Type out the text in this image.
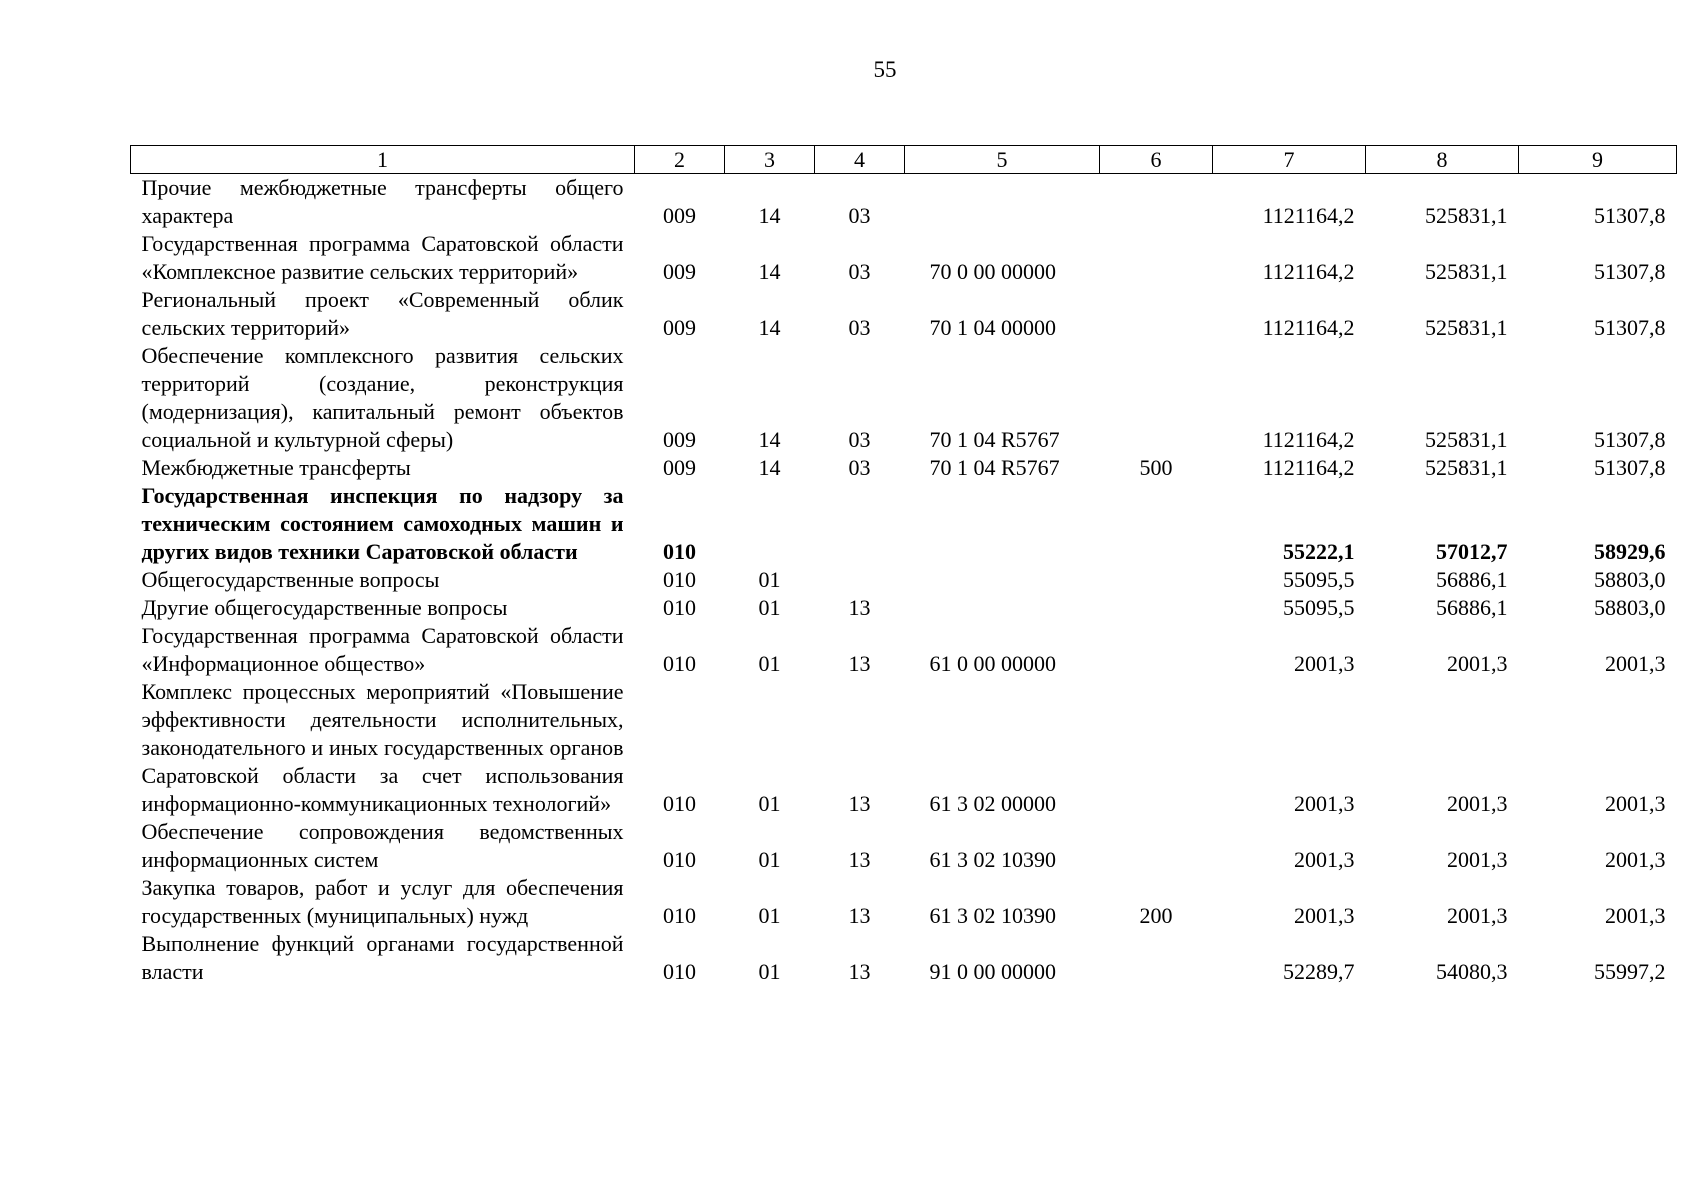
55
1	2	3	4	5	6	7	8	9
Прочие межбюджетные трансферты общего характера	009	14	03			1121164,2	525831,1	51307,8
Государственная программа Саратовской области «Комплексное развитие сельских территорий»	009	14	03	70 0 00 00000		1121164,2	525831,1	51307,8
Региональный проект «Современный облик сельских территорий»	009	14	03	70 1 04 00000		1121164,2	525831,1	51307,8
Обеспечение комплексного развития сельских территорий (создание, реконструкция (модернизация), капитальный ремонт объектов социальной и культурной сферы)	009	14	03	70 1 04 R5767		1121164,2	525831,1	51307,8
Межбюджетные трансферты	009	14	03	70 1 04 R5767	500	1121164,2	525831,1	51307,8
Государственная инспекция по надзору за техническим состоянием самоходных машин и других видов техники Саратовской области	010					55222,1	57012,7	58929,6
Общегосударственные вопросы	010	01				55095,5	56886,1	58803,0
Другие общегосударственные вопросы	010	01	13			55095,5	56886,1	58803,0
Государственная программа Саратовской области «Информационное общество»	010	01	13	61 0 00 00000		2001,3	2001,3	2001,3
Комплекс процессных мероприятий «Повышение эффективности деятельности исполнительных, законодательного и иных государственных органов Саратовской области за счет использования информационно-коммуникационных технологий»	010	01	13	61 3 02 00000		2001,3	2001,3	2001,3
Обеспечение сопровождения ведомственных информационных систем	010	01	13	61 3 02 10390		2001,3	2001,3	2001,3
Закупка товаров, работ и услуг для обеспечения государственных (муниципальных) нужд	010	01	13	61 3 02 10390	200	2001,3	2001,3	2001,3
Выполнение функций органами государственной власти	010	01	13	91 0 00 00000		52289,7	54080,3	55997,2
